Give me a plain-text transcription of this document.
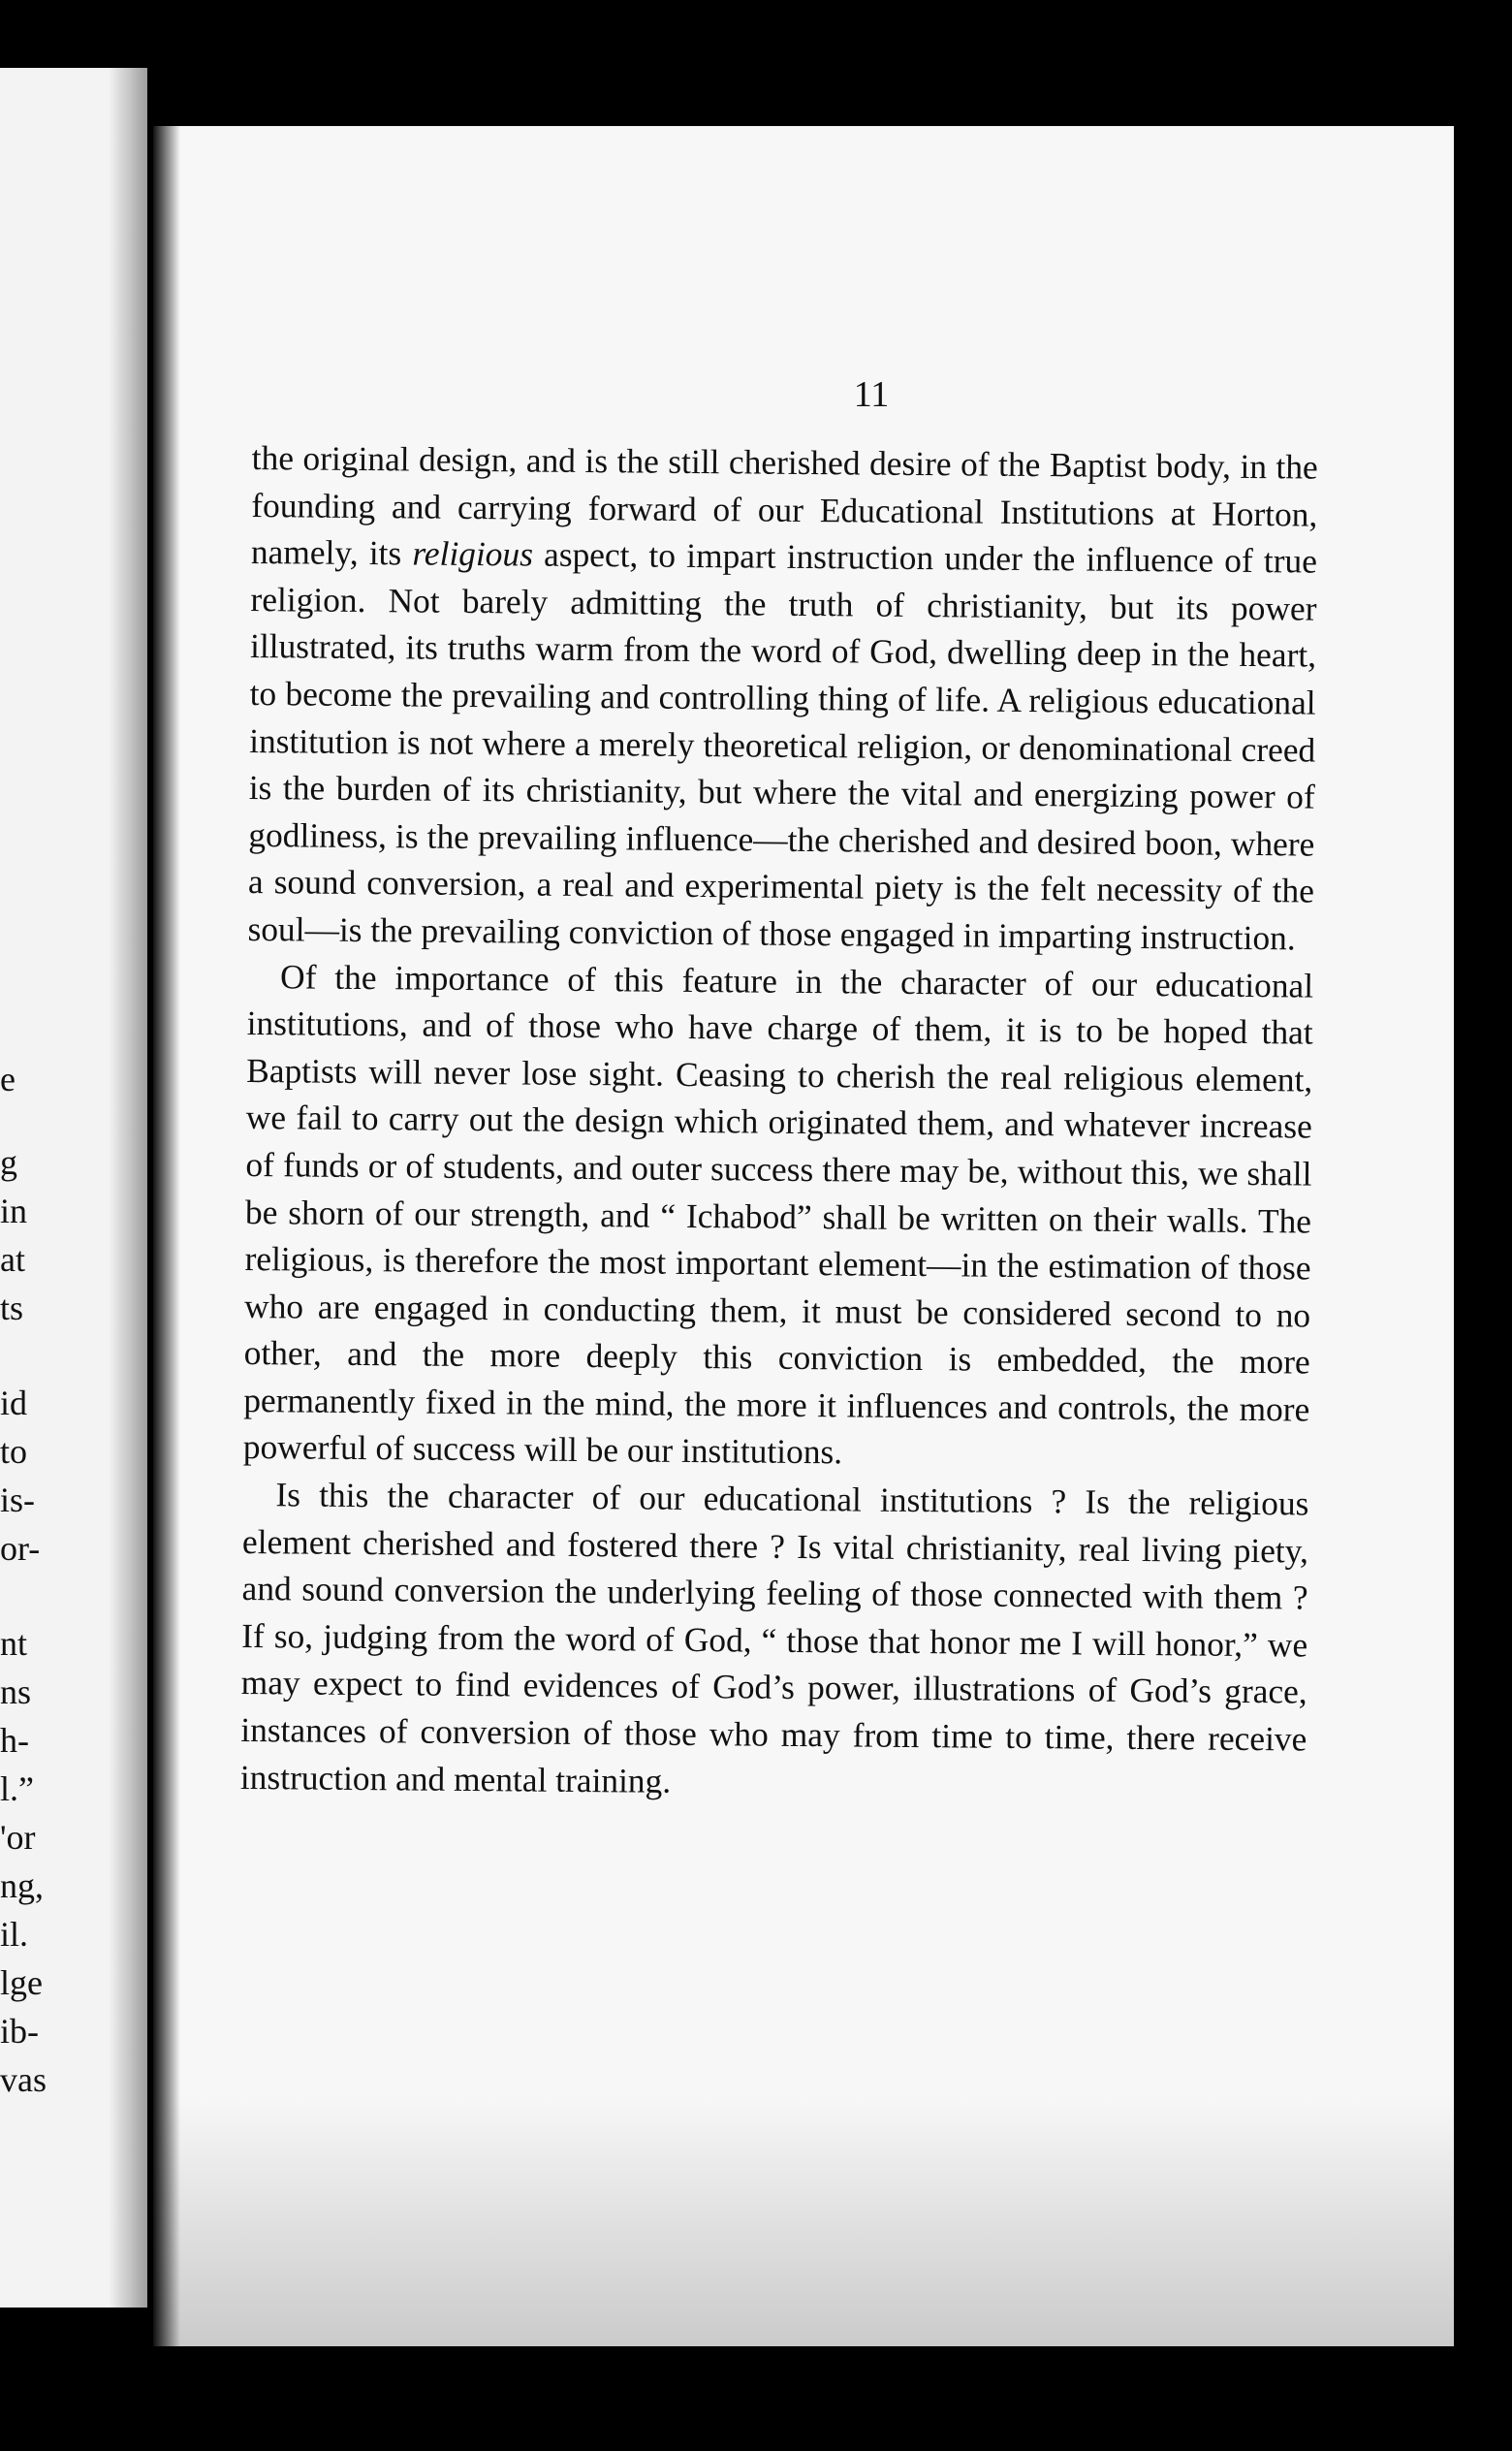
e
g
in
at
ts
id
to
is-
or-
nt
ns
h-
l.”
'or
ng,
il.
lge
ib-
vas
11

the original design, and is the still cherished desire of the Baptist body, in the founding and carrying forward of our Educational Institutions at Horton, namely, its religious aspect, to impart instruction under the influence of true religion. Not barely admitting the truth of christianity, but its power illustrated, its truths warm from the word of God, dwelling deep in the heart, to become the prevailing and controlling thing of life. A religious educational institution is not where a merely theoretical religion, or denominational creed is the burden of its christianity, but where the vital and energizing power of godliness, is the prevailing influence—the cherished and desired boon, where a sound conversion, a real and experimental piety is the felt necessity of the soul—is the prevailing conviction of those engaged in imparting instruction.

Of the importance of this feature in the character of our educational institutions, and of those who have charge of them, it is to be hoped that Baptists will never lose sight. Ceasing to cherish the real religious element, we fail to carry out the design which originated them, and whatever increase of funds or of students, and outer success there may be, without this, we shall be shorn of our strength, and “ Ichabod” shall be written on their walls. The religious, is therefore the most important element—in the estimation of those who are engaged in conducting them, it must be considered second to no other, and the more deeply this conviction is embedded, the more permanently fixed in the mind, the more it influences and controls, the more powerful of success will be our institutions.

Is this the character of our educational institutions ? Is the religious element cherished and fostered there ? Is vital christianity, real living piety, and sound conversion the underlying feeling of those connected with them ? If so, judging from the word of God, “ those that honor me I will honor,” we may expect to find evidences of God’s power, illustrations of God’s grace, instances of conversion of those who may from time to time, there receive instruction and mental training.
